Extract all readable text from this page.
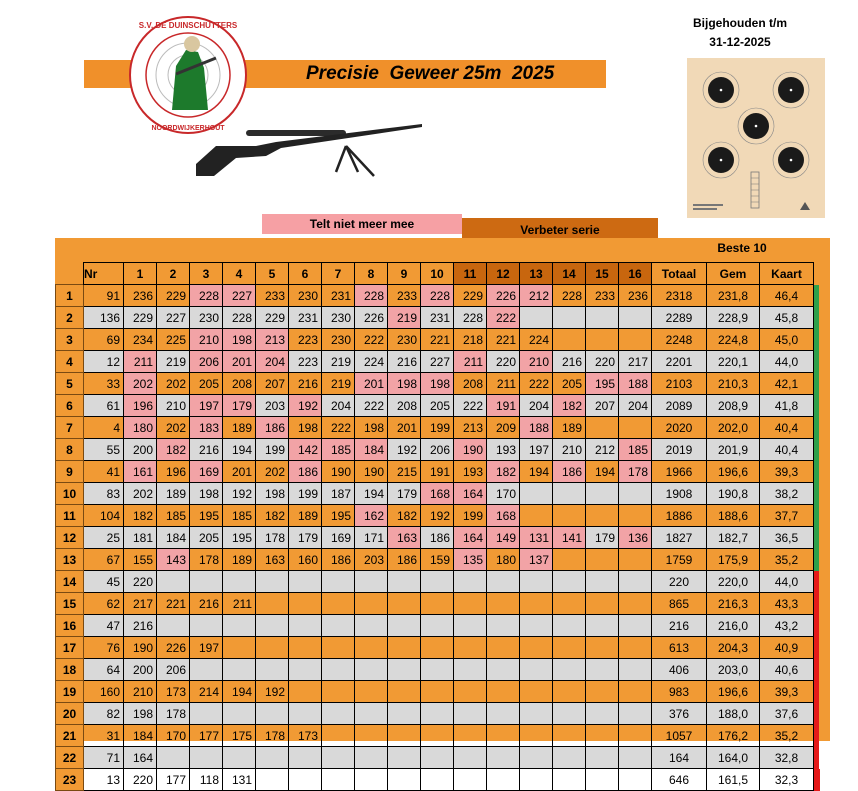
Precisie  Geweer 25m  2025
S.V. DE DUINSCHUTTERS
NOORDWIJKERHOUT
Bijgehouden t/m
31-12-2025
Telt niet meer mee	Verbeter serie
Beste 10
	Nr	1	2	3	4	5	6	7	8	9	10	11	12	13	14	15	16	Totaal	Gem	Kaart	
1	91	236	229	228	227	233	230	231	228	233	228	229	226	212	228	233	236	2318	231,8	46,4	
2	136	229	227	230	228	229	231	230	226	219	231	228	222					2289	228,9	45,8	
3	69	234	225	210	198	213	223	230	222	230	221	218	221	224				2248	224,8	45,0	
4	12	211	219	206	201	204	223	219	224	216	227	211	220	210	216	220	217	2201	220,1	44,0	
5	33	202	202	205	208	207	216	219	201	198	198	208	211	222	205	195	188	2103	210,3	42,1	
6	61	196	210	197	179	203	192	204	222	208	205	222	191	204	182	207	204	2089	208,9	41,8	
7	4	180	202	183	189	186	198	222	198	201	199	213	209	188	189			2020	202,0	40,4	
8	55	200	182	216	194	199	142	185	184	192	206	190	193	197	210	212	185	2019	201,9	40,4	
9	41	161	196	169	201	202	186	190	190	215	191	193	182	194	186	194	178	1966	196,6	39,3	
10	83	202	189	198	192	198	199	187	194	179	168	164	170					1908	190,8	38,2	
11	104	182	185	195	185	182	189	195	162	182	192	199	168					1886	188,6	37,7	
12	25	181	184	205	195	178	179	169	171	163	186	164	149	131	141	179	136	1827	182,7	36,5	
13	67	155	143	178	189	163	160	186	203	186	159	135	180	137				1759	175,9	35,2	
14	45	220																220	220,0	44,0	
15	62	217	221	216	211													865	216,3	43,3	
16	47	216																216	216,0	43,2	
17	76	190	226	197														613	204,3	40,9	
18	64	200	206															406	203,0	40,6	
19	160	210	173	214	194	192												983	196,6	39,3	
20	82	198	178															376	188,0	37,6	
21	31	184	170	177	175	178	173											1057	176,2	35,2	
22	71	164																164	164,0	32,8	
23	13	220	177	118	131													646	161,5	32,3	
